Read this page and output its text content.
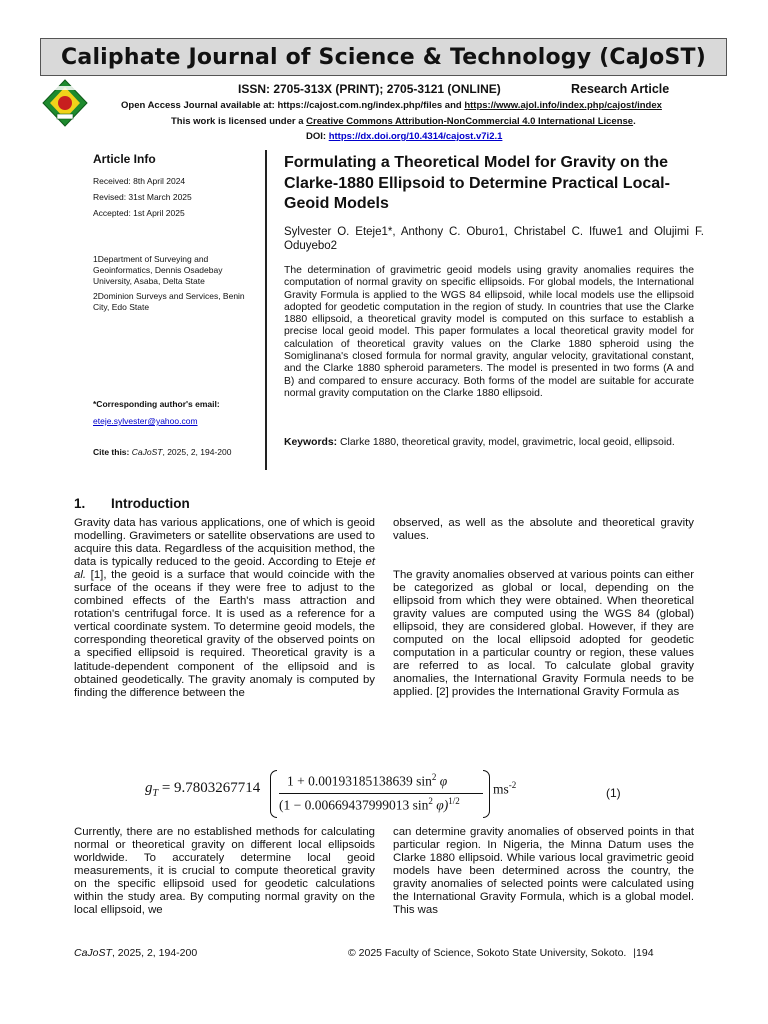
Caliphate Journal of Science & Technology (CaJoST)
ISSN: 2705-313X (PRINT); 2705-3121 (ONLINE)	Research Article
Open Access Journal available at: https://cajost.com.ng/index.php/files and https://www.ajol.info/index.php/cajost/index
This work is licensed under a Creative Commons Attribution-NonCommercial 4.0 International License.
DOI: https://dx.doi.org/10.4314/cajost.v7i2.1
Article Info
Received: 8th April 2024
Revised: 31st March 2025
Accepted: 1st April 2025
1Department of Surveying and Geoinformatics, Dennis Osadebay University, Asaba, Delta State
2Dominion Surveys and Services, Benin City, Edo State
*Corresponding author's email:
eteje.sylvester@yahoo.com
Cite this: CaJoST, 2025, 2, 194-200
Formulating a Theoretical Model for Gravity on the Clarke-1880 Ellipsoid to Determine Practical Local-Geoid Models
Sylvester O. Eteje1*, Anthony C. Oburo1, Christabel C. Ifuwe1 and Olujimi F. Oduyebo2
The determination of gravimetric geoid models using gravity anomalies requires the computation of normal gravity on specific ellipsoids. For global models, the International Gravity Formula is applied to the WGS 84 ellipsoid, while local models use the ellipsoid adopted for geodetic computation in the region of study. In countries that use the Clarke 1880 ellipsoid, a theoretical gravity model is computed on this surface to establish a precise local geoid model. This paper formulates a local theoretical gravity model for calculation of theoretical gravity values on the Clarke 1880 spheroid using the Somiglinana's closed formula for normal gravity, angular velocity, gravitational constant, and the Clarke 1880 spheroid parameters. The model is presented in two forms (A and B) and compared to ensure accuracy. Both forms of the model are suitable for accurate normal gravity computation on the Clarke 1880 ellipsoid.
Keywords: Clarke 1880, theoretical gravity, model, gravimetric, local geoid, ellipsoid.
1. Introduction
Gravity data has various applications, one of which is geoid modelling. Gravimeters or satellite observations are used to acquire this data. Regardless of the acquisition method, the data is typically reduced to the geoid. According to Eteje et al. [1], the geoid is a surface that would coincide with the surface of the oceans if they were free to adjust to the combined effects of the Earth's mass attraction and rotation's centrifugal force. It is used as a reference for a vertical coordinate system. To determine geoid models, the corresponding theoretical gravity of the observed points on a specified ellipsoid is required. Theoretical gravity is a latitude-dependent component of the ellipsoid and is obtained geodetically. The gravity anomaly is computed by finding the difference between the
observed, as well as the absolute and theoretical gravity values.
The gravity anomalies observed at various points can either be categorized as global or local, depending on the ellipsoid from which they were obtained. When theoretical gravity values are computed using the WGS 84 (global) ellipsoid, they are considered global. However, if they are computed on the local ellipsoid adopted for geodetic computation in a particular country or region, these values are referred to as local. To calculate global gravity anomalies, the International Gravity Formula needs to be applied. [2] provides the International Gravity Formula as
$g_T = 9.7803267714$ 1 + 0.00193185138639 $\sin^2 \varphi$
(1 − 0.00669437999013 $\sin^2 \varphi)^{1/2}$
$ms^{-2}$
(1)
Currently, there are no established methods for calculating normal or theoretical gravity on different local ellipsoids worldwide. To accurately determine local geoid measurements, it is crucial to compute theoretical gravity on the specific ellipsoid used for geodetic calculations within the study area. By computing normal gravity on the local ellipsoid, we
can determine gravity anomalies of observed points in that particular region. In Nigeria, the Minna Datum uses the Clarke 1880 ellipsoid. While various local gravimetric geoid models have been determined across the country, the gravity anomalies of selected points were calculated using the International Gravity Formula, which is a global model. This was
CaJoST, 2025, 2, 194-200	© 2025 Faculty of Science, Sokoto State University, Sokoto. |194
